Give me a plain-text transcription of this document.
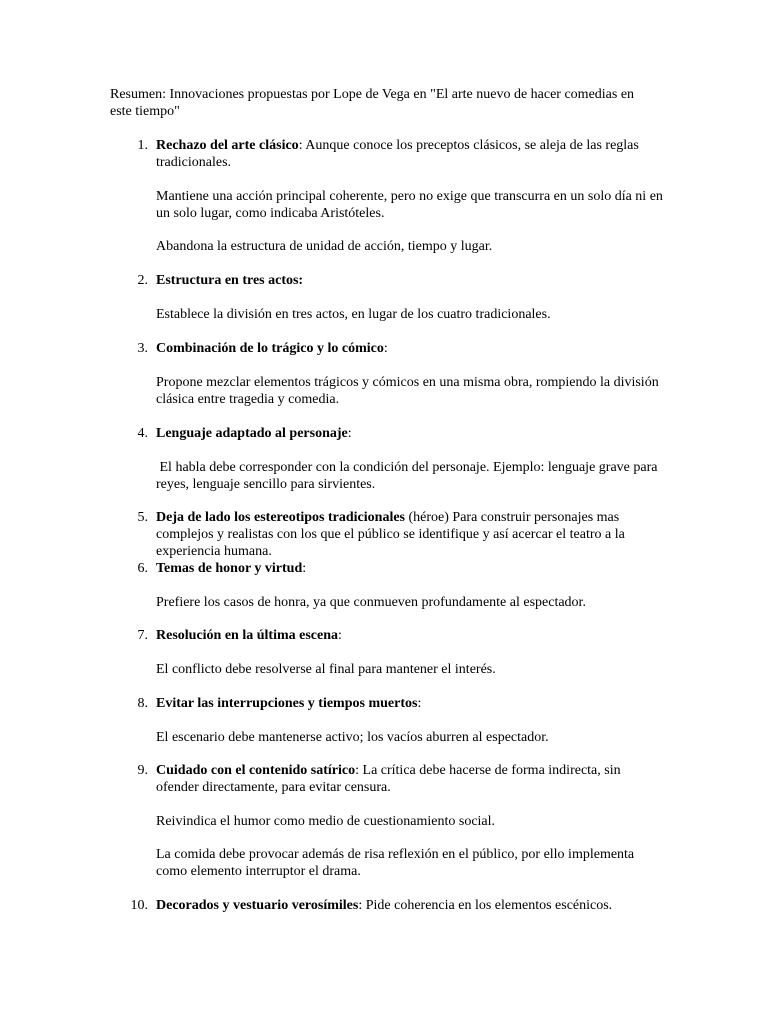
Resumen: Innovaciones propuestas por Lope de Vega en "El arte nuevo de hacer comedias en este tiempo"

1. Rechazo del arte clásico: Aunque conoce los preceptos clásicos, se aleja de las reglas tradicionales.

Mantiene una acción principal coherente, pero no exige que transcurra en un solo día ni en un solo lugar, como indicaba Aristóteles.

Abandona la estructura de unidad de acción, tiempo y lugar.

2. Estructura en tres actos:

Establece la división en tres actos, en lugar de los cuatro tradicionales.

3. Combinación de lo trágico y lo cómico:

Propone mezclar elementos trágicos y cómicos en una misma obra, rompiendo la división clásica entre tragedia y comedia.

4. Lenguaje adaptado al personaje:

El habla debe corresponder con la condición del personaje. Ejemplo: lenguaje grave para reyes, lenguaje sencillo para sirvientes.

5. Deja de lado los estereotipos tradicionales (héroe) Para construir personajes mas complejos y realistas con los que el público se identifique y así acercar el teatro a la experiencia humana.

6. Temas de honor y virtud:

Prefiere los casos de honra, ya que conmueven profundamente al espectador.

7. Resolución en la última escena:

El conflicto debe resolverse al final para mantener el interés.

8. Evitar las interrupciones y tiempos muertos:

El escenario debe mantenerse activo; los vacíos aburren al espectador.

9. Cuidado con el contenido satírico: La crítica debe hacerse de forma indirecta, sin ofender directamente, para evitar censura.

Reivindica el humor como medio de cuestionamiento social.

La comida debe provocar además de risa reflexión en el público, por ello implementa como elemento interruptor el drama.

10. Decorados y vestuario verosímiles: Pide coherencia en los elementos escénicos.
